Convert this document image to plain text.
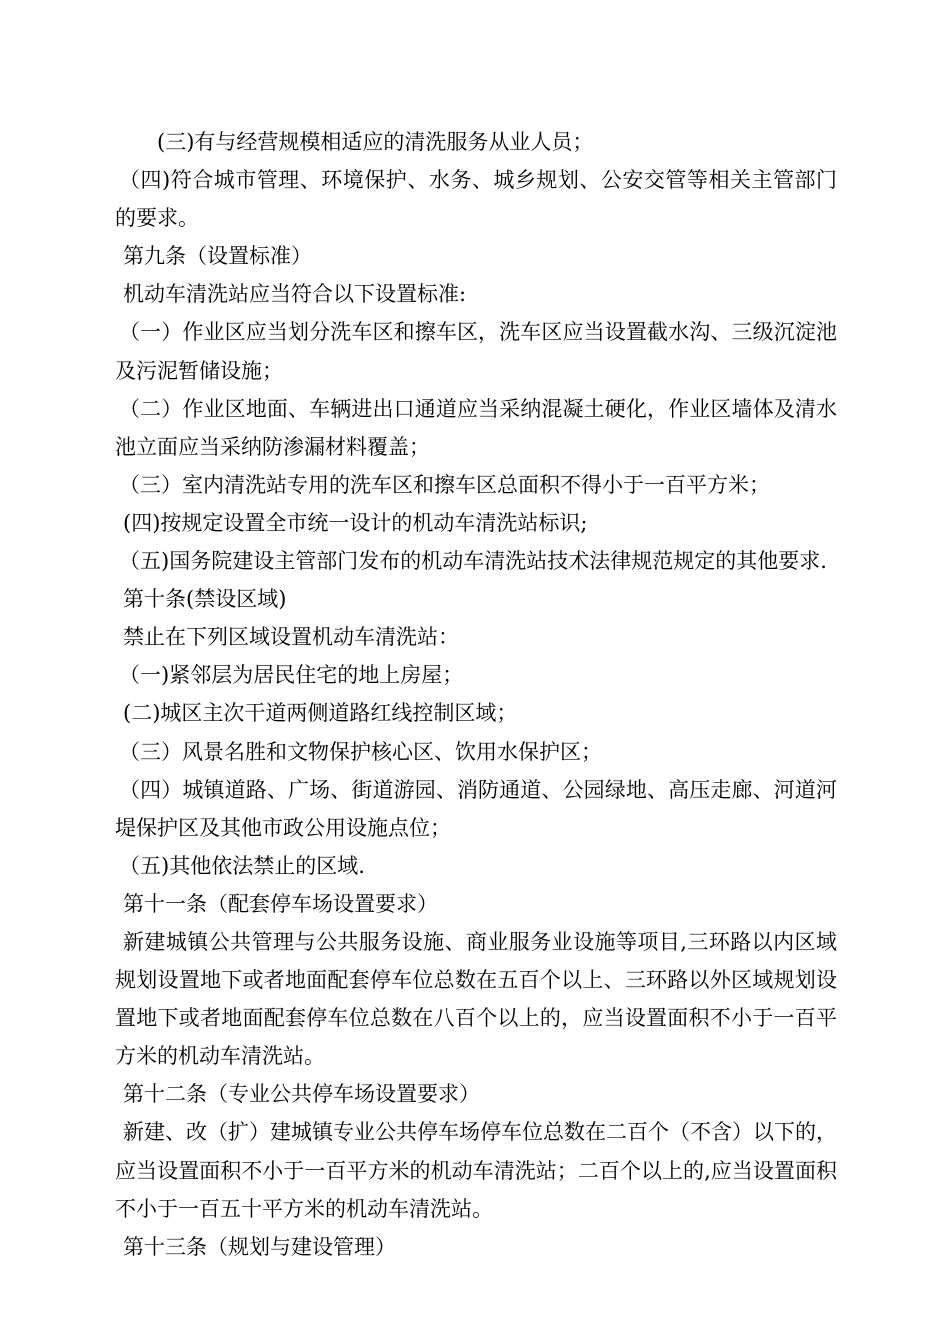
(三)有与经营规模相适应的清洗服务从业人员；

（四)符合城市管理、环境保护、水务、城乡规划、公安交管等相关主管部门的要求。

第九条（设置标准）

机动车清洗站应当符合以下设置标准:

（一）作业区应当划分洗车区和擦车区，洗车区应当设置截水沟、三级沉淀池及污泥暂储设施；

（二）作业区地面、车辆进出口通道应当采纳混凝土硬化，作业区墙体及清水池立面应当采纳防渗漏材料覆盖；

（三）室内清洗站专用的洗车区和擦车区总面积不得小于一百平方米；

(四)按规定设置全市统一设计的机动车清洗站标识;

（五)国务院建设主管部门发布的机动车清洗站技术法律规范规定的其他要求.

第十条(禁设区域)

禁止在下列区域设置机动车清洗站：

（一)紧邻层为居民住宅的地上房屋；

(二)城区主次干道两侧道路红线控制区域；

（三）风景名胜和文物保护核心区、饮用水保护区；

（四）城镇道路、广场、街道游园、消防通道、公园绿地、高压走廊、河道河堤保护区及其他市政公用设施点位；

（五)其他依法禁止的区域.

第十一条（配套停车场设置要求）

新建城镇公共管理与公共服务设施、商业服务业设施等项目,三环路以内区域规划设置地下或者地面配套停车位总数在五百个以上、三环路以外区域规划设置地下或者地面配套停车位总数在八百个以上的，应当设置面积不小于一百平方米的机动车清洗站。

第十二条（专业公共停车场设置要求）

新建、改（扩）建城镇专业公共停车场停车位总数在二百个（不含）以下的，应当设置面积不小于一百平方米的机动车清洗站；二百个以上的,应当设置面积不小于一百五十平方米的机动车清洗站。

第十三条（规划与建设管理）
